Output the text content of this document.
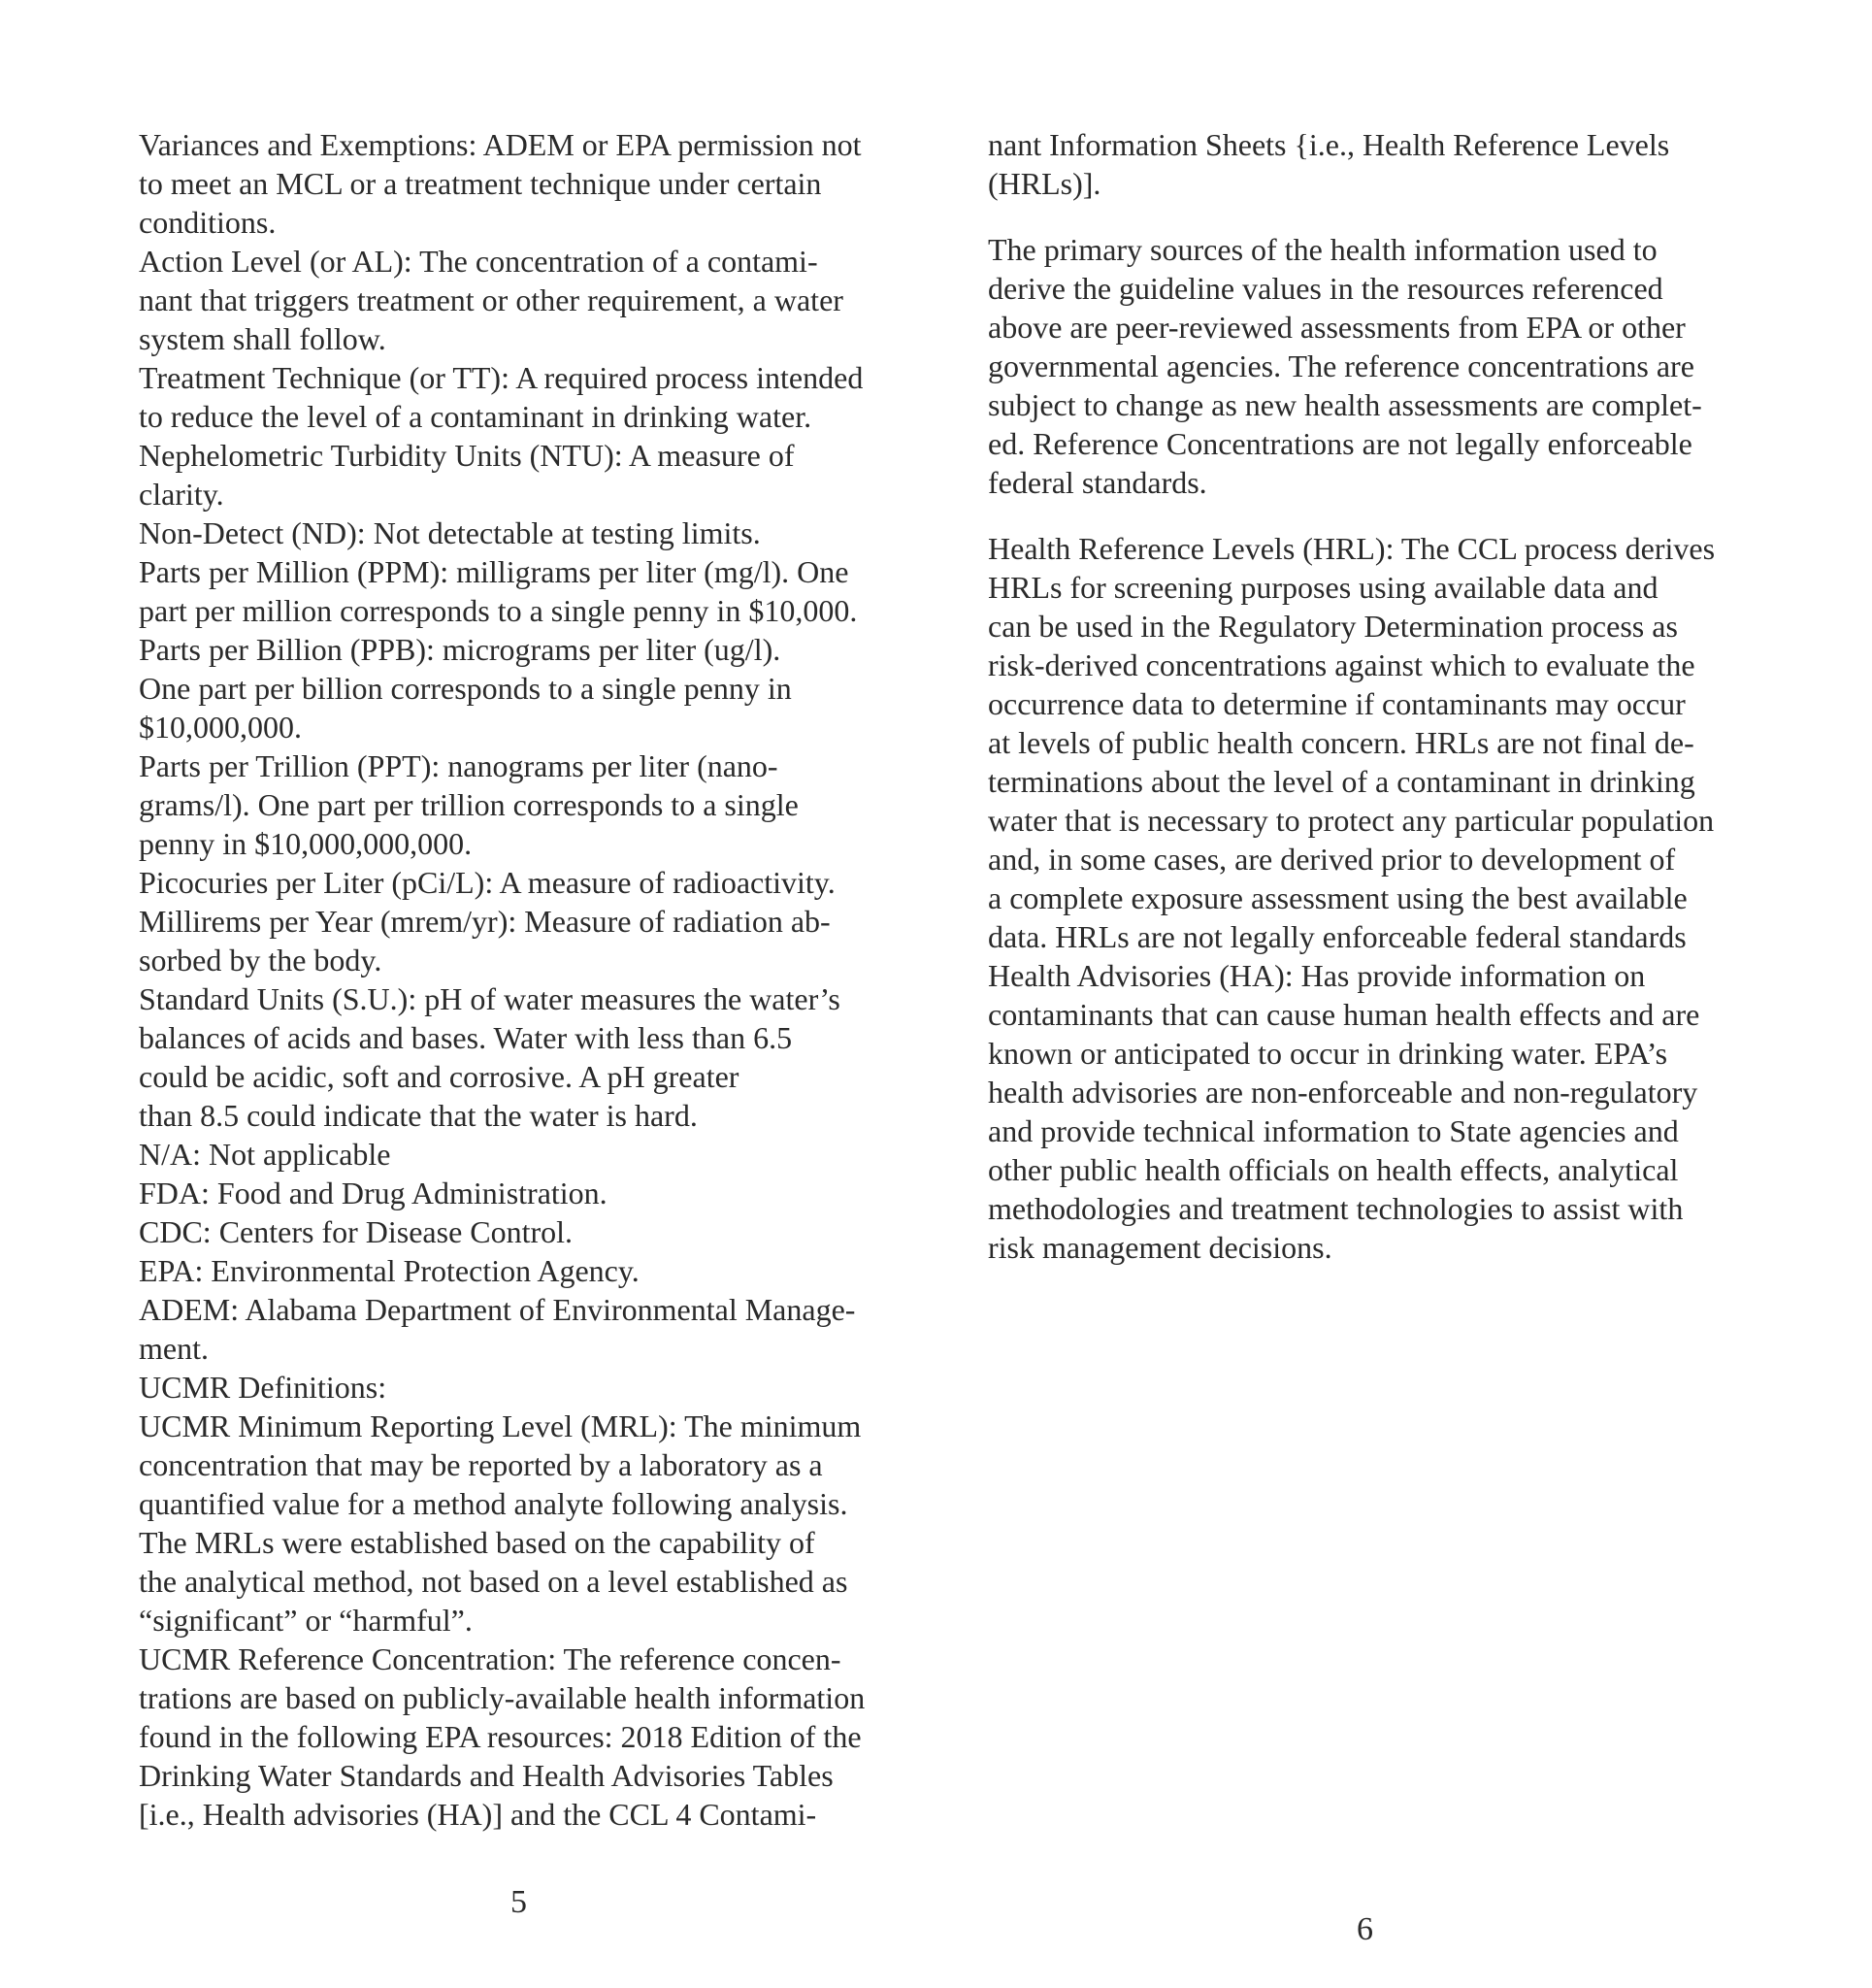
Variances and Exemptions: ADEM or EPA permission not
to meet an MCL or a treatment technique under certain
conditions.
Action Level (or AL): The concentration of a contami-
nant that triggers treatment or other requirement, a water
system shall follow.
Treatment Technique (or TT): A required process intended
to reduce the level of a contaminant in drinking water.
Nephelometric Turbidity Units (NTU): A measure of
clarity.
Non-Detect (ND): Not detectable at testing limits.
Parts per Million (PPM): milligrams per liter (mg/l). One
part per million corresponds to a single penny in $10,000.
Parts per Billion (PPB): micrograms per liter (ug/l).
One part per billion corresponds to a single penny in
$10,000,000.
Parts per Trillion (PPT): nanograms per liter (nano-
grams/l). One part per trillion corresponds to a single
penny in $10,000,000,000.
Picocuries per Liter (pCi/L): A measure of radioactivity.
Millirems per Year (mrem/yr): Measure of radiation ab-
sorbed by the body.
Standard Units (S.U.): pH of water measures the water’s
balances of acids and bases. Water with less than 6.5
could be acidic, soft and corrosive. A pH greater
than 8.5 could indicate that the water is hard.
N/A: Not applicable
FDA: Food and Drug Administration.
CDC: Centers for Disease Control.
EPA: Environmental Protection Agency.
ADEM: Alabama Department of Environmental Manage-
ment.
UCMR Definitions:
UCMR Minimum Reporting Level (MRL): The minimum
concentration that may be reported by a laboratory as a
quantified value for a method analyte following analysis.
The MRLs were established based on the capability of
the analytical method, not based on a level established as
“significant” or “harmful”.
UCMR Reference Concentration: The reference concen-
trations are based on publicly-available health information
found in the following EPA resources: 2018 Edition of the
Drinking Water Standards and Health Advisories Tables
[i.e., Health advisories (HA)] and the CCL 4 Contami-
nant Information Sheets {i.e., Health Reference Levels
(HRLs)].
The primary sources of the health information used to
derive the guideline values in the resources referenced
above are peer-reviewed assessments from EPA or other
governmental agencies. The reference concentrations are
subject to change as new health assessments are complet-
ed. Reference Concentrations are not legally enforceable
federal standards.
Health Reference Levels (HRL): The CCL process derives
HRLs for screening purposes using available data and
can be used in the Regulatory Determination process as
risk-derived concentrations against which to evaluate the
occurrence data to determine if contaminants may occur
at levels of public health concern. HRLs are not final de-
terminations about the level of a contaminant in drinking
water that is necessary to protect any particular population
and, in some cases, are derived prior to development of
a complete exposure assessment using the best available
data. HRLs are not legally enforceable federal standards
Health Advisories (HA): Has provide information on
contaminants that can cause human health effects and are
known or anticipated to occur in drinking water. EPA’s
health advisories are non-enforceable and non-regulatory
and provide technical information to State agencies and
other public health officials on health effects, analytical
methodologies and treatment technologies to assist with
risk management decisions.
5
6
